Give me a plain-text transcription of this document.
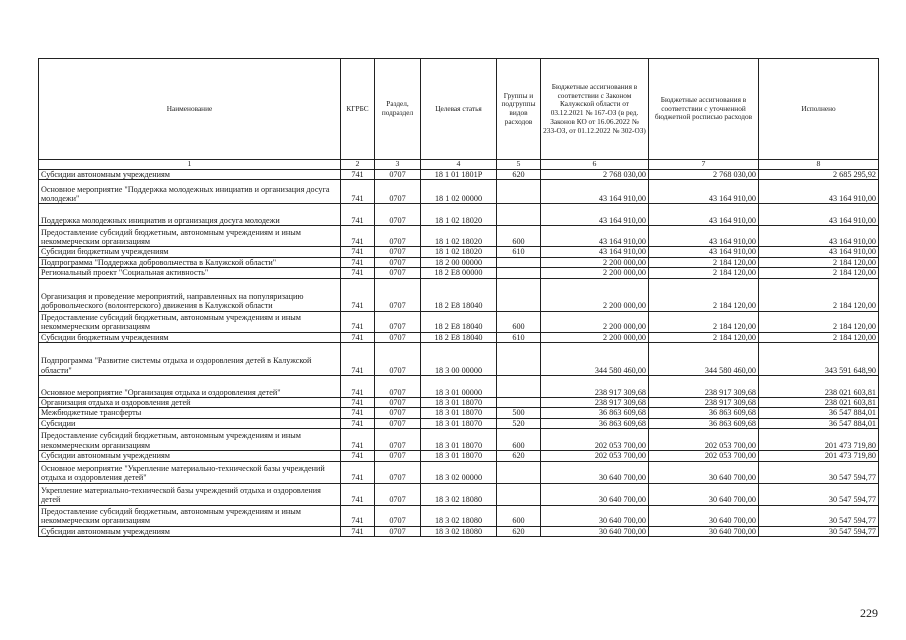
Наименование	КГРБС	Раздел, подраздел	Целевая статья	Группы и подгруппы видов расходов	Бюджетные ассигнования в соответствии с Законом Калужской области от 03.12.2021 № 167-ОЗ (в ред. Законов КО от 16.06.2022 № 233-ОЗ, от 01.12.2022 № 302-ОЗ)	Бюджетные ассигнования в соответствии с уточненной бюджетной росписью расходов	Исполнено
1	2	3	4	5	6	7	8
Субсидии автономным учреждениям	741	0707	18 1 01 1801Р	620	2 768 030,00	2 768 030,00	2 685 295,92
Основное мероприятие "Поддержка молодежных инициатив и организация досуга молодежи"	741	0707	18 1 02 00000		43 164 910,00	43 164 910,00	43 164 910,00
Поддержка молодежных инициатив и организация досуга молодежи	741	0707	18 1 02 18020		43 164 910,00	43 164 910,00	43 164 910,00
Предоставление субсидий бюджетным, автономным учреждениям и иным некоммерческим организациям	741	0707	18 1 02 18020	600	43 164 910,00	43 164 910,00	43 164 910,00
Субсидии бюджетным учреждениям	741	0707	18 1 02 18020	610	43 164 910,00	43 164 910,00	43 164 910,00
Подпрограмма "Поддержка добровольчества в Калужской области"	741	0707	18 2 00 00000		2 200 000,00	2 184 120,00	2 184 120,00
Региональный проект "Социальная активность"	741	0707	18 2 Е8 00000		2 200 000,00	2 184 120,00	2 184 120,00
Организация и проведение мероприятий, направленных на популяризацию добровольческого (волонтерского) движения в Калужской области	741	0707	18 2 Е8 18040		2 200 000,00	2 184 120,00	2 184 120,00
Предоставление субсидий бюджетным, автономным учреждениям и иным некоммерческим организациям	741	0707	18 2 Е8 18040	600	2 200 000,00	2 184 120,00	2 184 120,00
Субсидии бюджетным учреждениям	741	0707	18 2 Е8 18040	610	2 200 000,00	2 184 120,00	2 184 120,00
Подпрограмма "Развитие системы отдыха и оздоровления детей в Калужской области"	741	0707	18 3 00 00000		344 580 460,00	344 580 460,00	343 591 648,90
Основное мероприятие "Организация отдыха и оздоровления детей"	741	0707	18 3 01 00000		238 917 309,68	238 917 309,68	238 021 603,81
Организация отдыха и оздоровления детей	741	0707	18 3 01 18070		238 917 309,68	238 917 309,68	238 021 603,81
Межбюджетные трансферты	741	0707	18 3 01 18070	500	36 863 609,68	36 863 609,68	36 547 884,01
Субсидии	741	0707	18 3 01 18070	520	36 863 609,68	36 863 609,68	36 547 884,01
Предоставление субсидий бюджетным, автономным учреждениям и иным некоммерческим организациям	741	0707	18 3 01 18070	600	202 053 700,00	202 053 700,00	201 473 719,80
Субсидии автономным учреждениям	741	0707	18 3 01 18070	620	202 053 700,00	202 053 700,00	201 473 719,80
Основное мероприятие "Укрепление материально-технической базы учреждений отдыха и оздоровления детей"	741	0707	18 3 02 00000		30 640 700,00	30 640 700,00	30 547 594,77
Укрепление материально-технической базы учреждений отдыха и оздоровления детей	741	0707	18 3 02 18080		30 640 700,00	30 640 700,00	30 547 594,77
Предоставление субсидий бюджетным, автономным учреждениям и иным некоммерческим организациям	741	0707	18 3 02 18080	600	30 640 700,00	30 640 700,00	30 547 594,77
Субсидии автономным учреждениям	741	0707	18 3 02 18080	620	30 640 700,00	30 640 700,00	30 547 594,77
229
